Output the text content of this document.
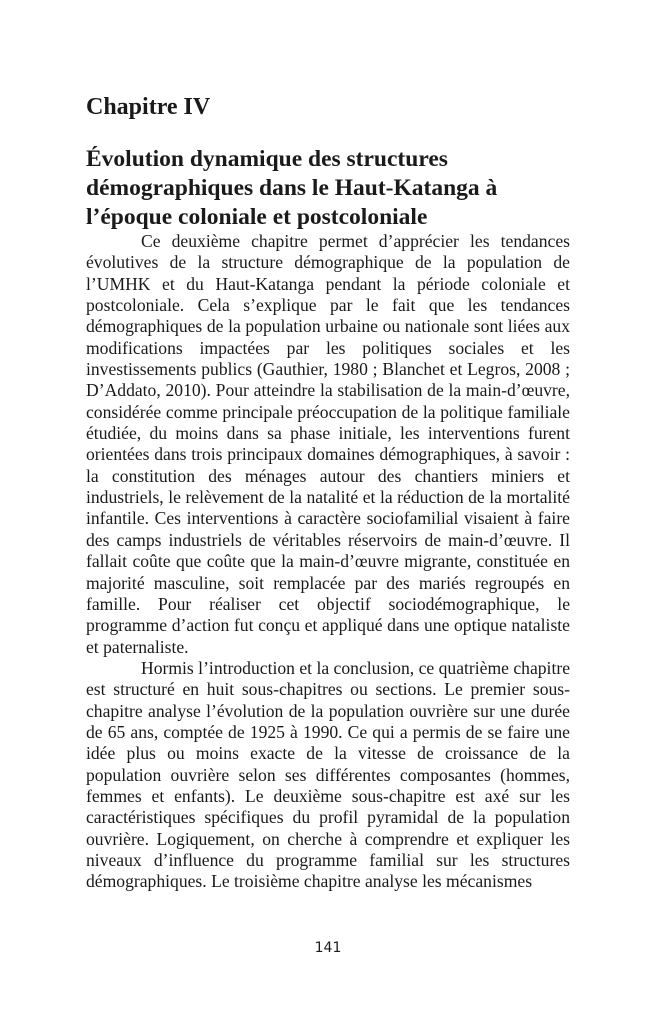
Chapitre IV
Évolution dynamique des structures démographiques dans le Haut-Katanga à l’époque coloniale et postcoloniale

Ce deuxième chapitre permet d’apprécier les tendances évolutives de la structure démographique de la population de l’UMHK et du Haut-Katanga pendant la période coloniale et postcoloniale. Cela s’explique par le fait que les tendances démographiques de la population urbaine ou nationale sont liées aux modifications impactées par les politiques sociales et les investissements publics (Gauthier, 1980 ; Blanchet et Legros, 2008 ; D’Addato, 2010). Pour atteindre la stabilisation de la main-d’œuvre, considérée comme principale préoccupation de la politique familiale étudiée, du moins dans sa phase initiale, les interventions furent orientées dans trois principaux domaines démographiques, à savoir : la constitution des ménages autour des chantiers miniers et industriels, le relèvement de la natalité et la réduction de la mortalité infantile. Ces interventions à caractère sociofamilial visaient à faire des camps industriels de véritables réservoirs de main-d’œuvre. Il fallait coûte que coûte que la main-d’œuvre migrante, constituée en majorité masculine, soit remplacée par des mariés regroupés en famille. Pour réaliser cet objectif sociodémographique, le programme d’action fut conçu et appliqué dans une optique nataliste et paternaliste.

Hormis l’introduction et la conclusion, ce quatrième chapitre est structuré en huit sous-chapitres ou sections. Le premier sous-chapitre analyse l’évolution de la population ouvrière sur une durée de 65 ans, comptée de 1925 à 1990. Ce qui a permis de se faire une idée plus ou moins exacte de la vitesse de croissance de la population ouvrière selon ses différentes composantes (hommes, femmes et enfants). Le deuxième sous-chapitre est axé sur les caractéristiques spécifiques du profil pyramidal de la population ouvrière. Logiquement, on cherche à comprendre et expliquer les niveaux d’influence du programme familial sur les structures démographiques. Le troisième chapitre analyse les mécanismes

141
